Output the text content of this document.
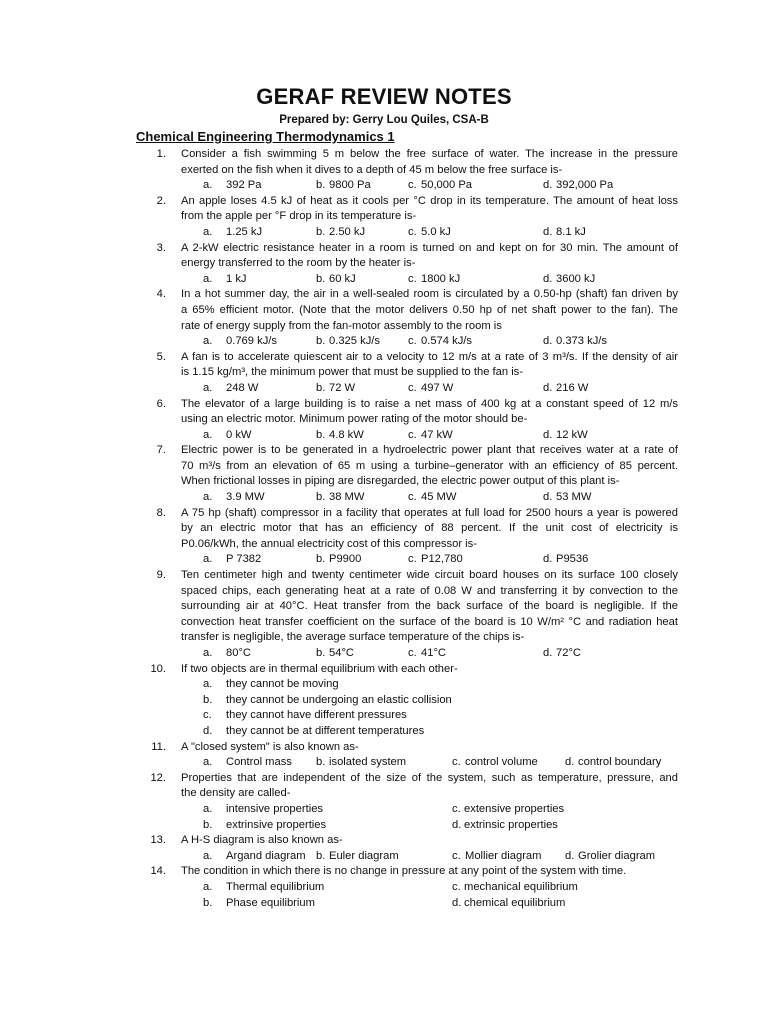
GERAF REVIEW NOTES
Prepared by: Gerry Lou Quiles, CSA-B
Chemical Engineering Thermodynamics 1
1. Consider a fish swimming 5 m below the free surface of water. The increase in the pressure
exerted on the fish when it dives to a depth of 45 m below the free surface is-
a. 392 Pa	b. 9800 Pa	c. 50,000 Pa	d. 392,000 Pa
2. An apple loses 4.5 kJ of heat as it cools per °C drop in its temperature. The amount of heat loss
from the apple per °F drop in its temperature is-
a. 1.25 kJ	b. 2.50 kJ	c. 5.0 kJ	d. 8.1 kJ
3. A 2-kW electric resistance heater in a room is turned on and kept on for 30 min. The amount of
energy transferred to the room by the heater is-
a. 1 kJ	b. 60 kJ	c. 1800 kJ	d. 3600 kJ
4. In a hot summer day, the air in a well-sealed room is circulated by a 0.50-hp (shaft) fan driven by
a 65% efficient motor. (Note that the motor delivers 0.50 hp of net shaft power to the fan). The
rate of energy supply from the fan-motor assembly to the room is
a. 0.769 kJ/s	b. 0.325 kJ/s	c. 0.574 kJ/s	d. 0.373 kJ/s
5. A fan is to accelerate quiescent air to a velocity to 12 m/s at a rate of 3 m³/s. If the density of air
is 1.15 kg/m³, the minimum power that must be supplied to the fan is-
a. 248 W	b. 72 W	c. 497 W	d. 216 W
6. The elevator of a large building is to raise a net mass of 400 kg at a constant speed of 12 m/s
using an electric motor. Minimum power rating of the motor should be-
a. 0 kW	b. 4.8 kW	c. 47 kW	d. 12 kW
7. Electric power is to be generated in a hydroelectric power plant that receives water at a rate of
70 m³/s from an elevation of 65 m using a turbine–generator with an efficiency of 85 percent.
When frictional losses in piping are disregarded, the electric power output of this plant is-
a. 3.9 MW	b. 38 MW	c. 45 MW	d. 53 MW
8. A 75 hp (shaft) compressor in a facility that operates at full load for 2500 hours a year is powered
by an electric motor that has an efficiency of 88 percent. If the unit cost of electricity is
P0.06/kWh, the annual electricity cost of this compressor is-
a. P 7382	b. P9900	c. P12,780	d. P9536
9. Ten centimeter high and twenty centimeter wide circuit board houses on its surface 100 closely
spaced chips, each generating heat at a rate of 0.08 W and transferring it by convection to the
surrounding air at 40°C. Heat transfer from the back surface of the board is negligible. If the
convection heat transfer coefficient on the surface of the board is 10 W/m² °C and radiation heat
transfer is negligible, the average surface temperature of the chips is-
a. 80°C	b. 54°C	c. 41°C	d. 72°C
10. If two objects are in thermal equilibrium with each other-
a. they cannot be moving
b. they cannot be undergoing an elastic collision
c. they cannot have different pressures
d. they cannot be at different temperatures
11. A "closed system" is also known as-
a. Control mass b. isolated system	c. control volume d. control boundary
12. Properties that are independent of the size of the system, such as temperature, pressure, and
the density are called-
a. intensive properties	c. extensive properties
b. extrinsive properties	d. extrinsic properties
13. A H-S diagram is also known as-
a. Argand diagram b. Euler diagram	c. Mollier diagram d. Grolier diagram
14. The condition in which there is no change in pressure at any point of the system with time.
a. Thermal equilibrium	c. mechanical equilibrium
b. Phase equilibrium	d. chemical equilibrium
